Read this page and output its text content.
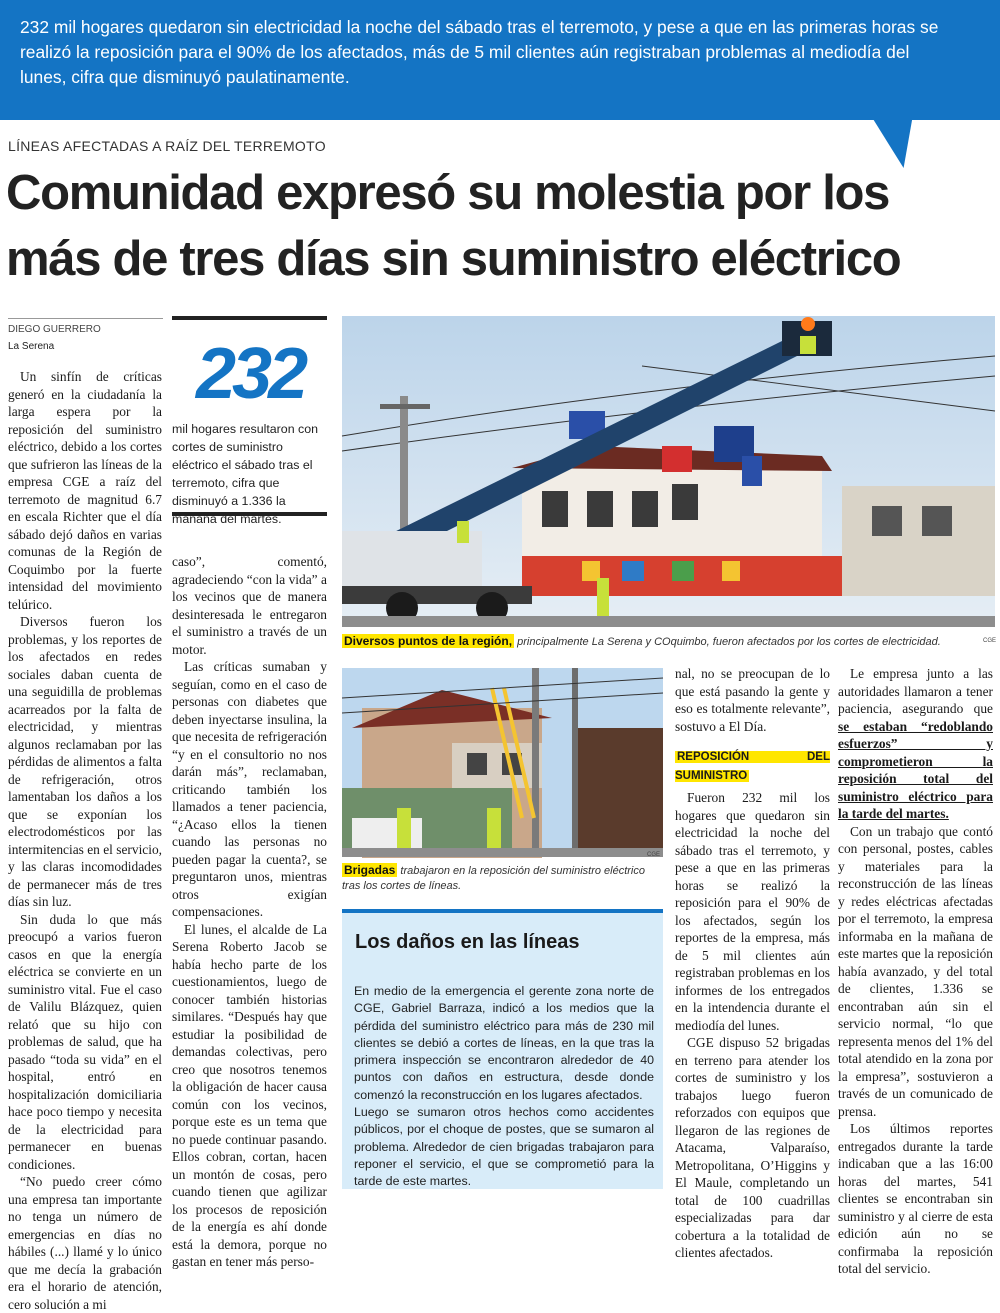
232 mil hogares quedaron sin electricidad la noche del sábado tras el terremoto, y pese a que en las primeras horas se realizó la reposición para el 90% de los afectados, más de 5 mil clientes aún registraban problemas al mediodía del lunes, cifra que disminuyó paulatinamente.
LÍNEAS AFECTADAS A RAÍZ DEL TERREMOTO
Comunidad expresó su molestia por los más de tres días sin suministro eléctrico
DIEGO GUERRERO
La Serena

Un sinfín de críticas generó en la ciudadanía la larga espera por la reposición del suministro eléctrico, debido a los cortes que sufrieron las líneas de la empresa CGE a raíz del terremoto de magnitud 6.7 en escala Richter que el día sábado dejó daños en varias comunas de la Región de Coquimbo por la fuerte intensidad del movimiento telúrico.

Diversos fueron los problemas, y los reportes de los afectados en redes sociales daban cuenta de una seguidilla de problemas acarreados por la falta de electricidad, y mientras algunos reclamaban por las pérdidas de alimentos a falta de refrigeración, otros lamentaban los daños a los que se exponían los electrodomésticos por las intermitencias en el servicio, y las claras incomodidades de permanecer más de tres días sin luz.

Sin duda lo que más preocupó a varios fueron casos en que la energía eléctrica se convierte en un suministro vital. Fue el caso de Valilu Blázquez, quien relató que su hijo con problemas de salud, que ha pasado “toda su vida” en el hospital, entró en hospitalización domiciliaria hace poco tiempo y necesita de la electricidad para permanecer en buenas condiciones.

“No puedo creer cómo una empresa tan importante no tenga un número de emergencias en días no hábiles (...) llamé y lo único que me decía la grabación era el horario de atención, cero solución a mi

232
mil hogares resultaron con cortes de suministro eléctrico el sábado tras el terremoto, cifra que disminuyó a 1.336 la mañana del martes.

caso”, comentó, agradeciendo “con la vida” a los vecinos que de manera desinteresada le entregaron el suministro a través de un motor.

Las críticas sumaban y seguían, como en el caso de personas con diabetes que deben inyectarse insulina, la que necesita de refrigeración “y en el consultorio no nos darán más”, reclamaban, criticando también los llamados a tener paciencia, “¿Acaso ellos la tienen cuando las personas no pueden pagar la cuenta?, se preguntaron unos, mientras otros exigían compensaciones.

El lunes, el alcalde de La Serena Roberto Jacob se había hecho parte de los cuestionamientos, luego de conocer también historias similares. “Después hay que estudiar la posibilidad de demandas colectivas, pero creo que nosotros tenemos la obligación de hacer causa común con los vecinos, porque este es un tema que no puede continuar pasando. Ellos cobran, cortan, hacen un montón de cosas, pero cuando tienen que agilizar los procesos de reposición de la energía es ahí donde está la demora, porque no gastan en tener más perso-

Diversos puntos de la región, principalmente La Serena y COquimbo, fueron afectados por los cortes de electricidad.	CGE
Brigadas trabajaron en la reposición del suministro eléctrico tras los cortes de líneas.
CGE
Los daños en las líneas

En medio de la emergencia el gerente zona norte de CGE, Gabriel Barraza, indicó a los medios que la pérdida del suministro eléctrico para más de 230 mil clientes se debió a cortes de líneas, en la que tras la primera inspección se encontraron alrededor de 40 puntos con daños en estructura, desde donde comenzó la reconstrucción en los lugares afectados.

Luego se sumaron otros hechos como accidentes públicos, por el choque de postes, que se sumaron al problema. Alrededor de cien brigadas trabajaron para reponer el servicio, el que se comprometió para la tarde de este martes.

nal, no se preocupan de lo que está pasando la gente y eso es totalmente relevante”, sostuvo a El Día.

REPOSICIÓN DEL SUMINISTRO

Fueron 232 mil los hogares que quedaron sin electricidad la noche del sábado tras el terremoto, y pese a que en las primeras horas se realizó la reposición para el 90% de los afectados, según los reportes de la empresa, más de 5 mil clientes aún registraban problemas en los informes de los entregados en la intendencia durante el mediodía del lunes.

CGE dispuso 52 brigadas en terreno para atender los cortes de suministro y los trabajos luego fueron reforzados con equipos que llegaron de las regiones de Atacama, Valparaíso, Metropolitana, O’Higgins y El Maule, completando un total de 100 cuadrillas especializadas para dar cobertura a la totalidad de clientes afectados.

Le empresa junto a las autoridades llamaron a tener paciencia, asegurando que se estaban “redoblando esfuerzos” y comprometieron la reposición total del suministro eléctrico para la tarde del martes.

Con un trabajo que contó con personal, postes, cables y materiales para la reconstrucción de las líneas y redes eléctricas afectadas por el terremoto, la empresa informaba en la mañana de este martes que la reposición había avanzado, y del total de clientes, 1.336 se encontraban aún sin el servicio normal, “lo que representa menos del 1% del total atendido en la zona por la empresa”, sostuvieron a través de un comunicado de prensa.

Los últimos reportes entregados durante la tarde indicaban que a las 16:00 horas del martes, 541 clientes se encontraban sin suministro y al cierre de esta edición aún no se confirmaba la reposición total del servicio.
